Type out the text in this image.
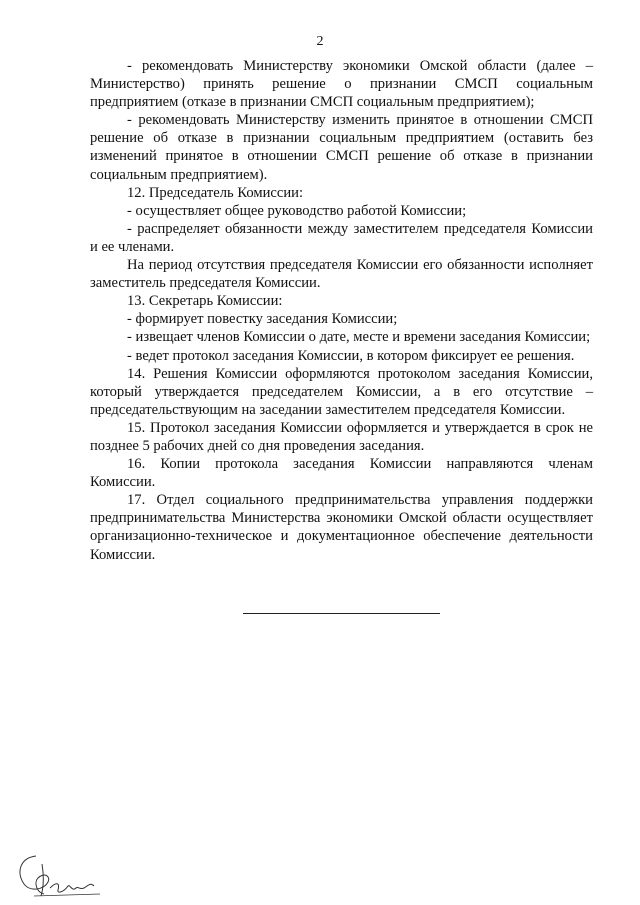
2

- рекомендовать Министерству экономики Омской области (далее – Министерство) принять решение о признании СМСП социальным предприятием (отказе в признании СМСП социальным предприятием);

- рекомендовать Министерству изменить принятое в отношении СМСП решение об отказе в признании социальным предприятием (оставить без изменений принятое в отношении СМСП решение об отказе в признании социальным предприятием).

12. Председатель Комиссии:

- осуществляет общее руководство работой Комиссии;

- распределяет обязанности между заместителем председателя Комиссии и ее членами.

На период отсутствия председателя Комиссии его обязанности исполняет заместитель председателя Комиссии.

13. Секретарь Комиссии:

- формирует повестку заседания Комиссии;

- извещает членов Комиссии о дате, месте и времени заседания Комиссии;

- ведет протокол заседания Комиссии, в котором фиксирует ее решения.

14. Решения Комиссии оформляются протоколом заседания Комиссии, который утверждается председателем Комиссии, а в его отсутствие – председательствующим на заседании заместителем председателя Комиссии.

15. Протокол заседания Комиссии оформляется и утверждается в срок не позднее 5 рабочих дней со дня проведения заседания.

16. Копии протокола заседания Комиссии направляются членам Комиссии.

17. Отдел социального предпринимательства управления поддержки предпринимательства Министерства экономики Омской области осуществляет организационно-техническое и документационное обеспечение деятельности Комиссии.
